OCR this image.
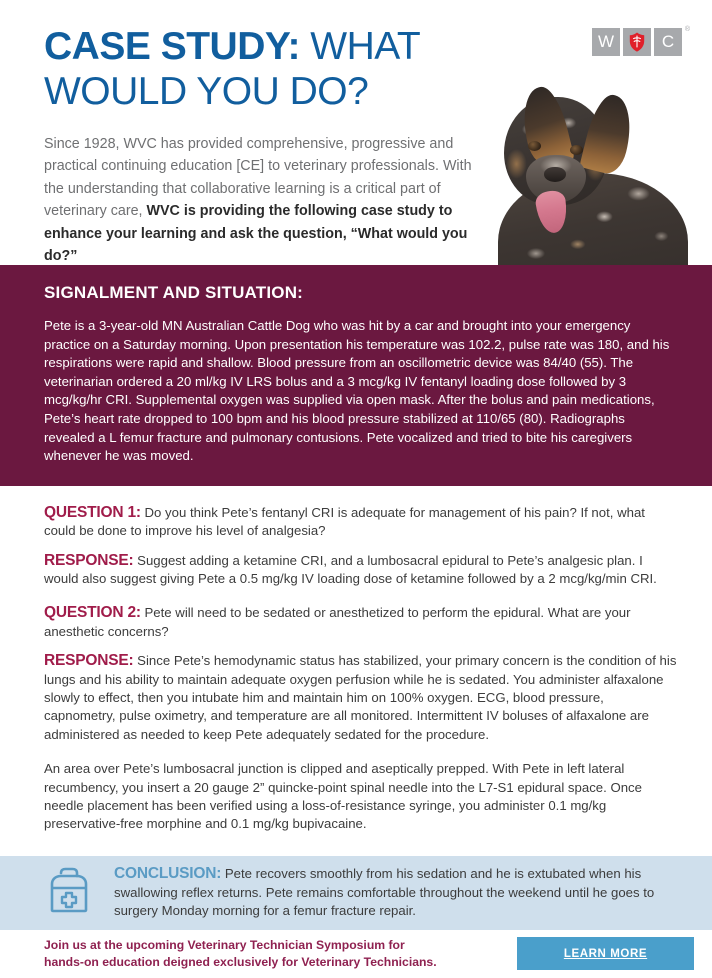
CASE STUDY: WHAT
WOULD YOU DO?
Since 1928, WVC has provided comprehensive, progressive and practical continuing education [CE] to veterinary professionals. With the understanding that collaborative learning is a critical part of veterinary care, WVC is providing the following case study to enhance your learning and ask the question, “What would you do?”
W	C
®
SIGNALMENT AND SITUATION:

Pete is a 3-year-old MN Australian Cattle Dog who was hit by a car and brought into your emergency practice on a Saturday morning. Upon presentation his temperature was 102.2, pulse rate was 180, and his respirations were rapid and shallow. Blood pressure from an oscillometric device was 84/40 (55). The veterinarian ordered a 20 ml/kg IV LRS bolus and a 3 mcg/kg IV fentanyl loading dose followed by 3 mcg/kg/hr CRI. Supplemental oxygen was supplied via open mask. After the bolus and pain medications, Pete’s heart rate dropped to 100 bpm and his blood pressure stabilized at 110/65 (80). Radiographs revealed a L femur fracture and pulmonary contusions. Pete vocalized and tried to bite his caregivers whenever he was moved.

QUESTION 1: Do you think Pete’s fentanyl CRI is adequate for management of his pain? If not, what could be done to improve his level of analgesia?

RESPONSE: Suggest adding a ketamine CRI, and a lumbosacral epidural to Pete’s analgesic plan. I would also suggest giving Pete a 0.5 mg/kg IV loading dose of ketamine followed by a 2 mcg/kg/min CRI.

QUESTION 2: Pete will need to be sedated or anesthetized to perform the epidural. What are your anesthetic concerns?

RESPONSE: Since Pete’s hemodynamic status has stabilized, your primary concern is the condition of his lungs and his ability to maintain adequate oxygen perfusion while he is sedated. You administer alfaxalone slowly to effect, then you intubate him and maintain him on 100% oxygen. ECG, blood pressure, capnometry, pulse oximetry, and temperature are all monitored. Intermittent IV boluses of alfaxalone are administered as needed to keep Pete adequately sedated for the procedure.

An area over Pete’s lumbosacral junction is clipped and aseptically prepped. With Pete in left lateral recumbency, you insert a 20 gauge 2” quincke-point spinal needle into the L7-S1 epidural space. Once needle placement has been verified using a loss-of-resistance syringe, you administer 0.1 mg/kg preservative-free morphine and 0.1 mg/kg bupivacaine.

CONCLUSION: Pete recovers smoothly from his sedation and he is extubated when his swallowing reflex returns. Pete remains comfortable throughout the weekend until he goes to surgery Monday morning for a femur fracture repair.

Join us at the upcoming Veterinary Technician Symposium for
hands-on education deigned exclusively for Veterinary Technicians.

LEARN MORE
